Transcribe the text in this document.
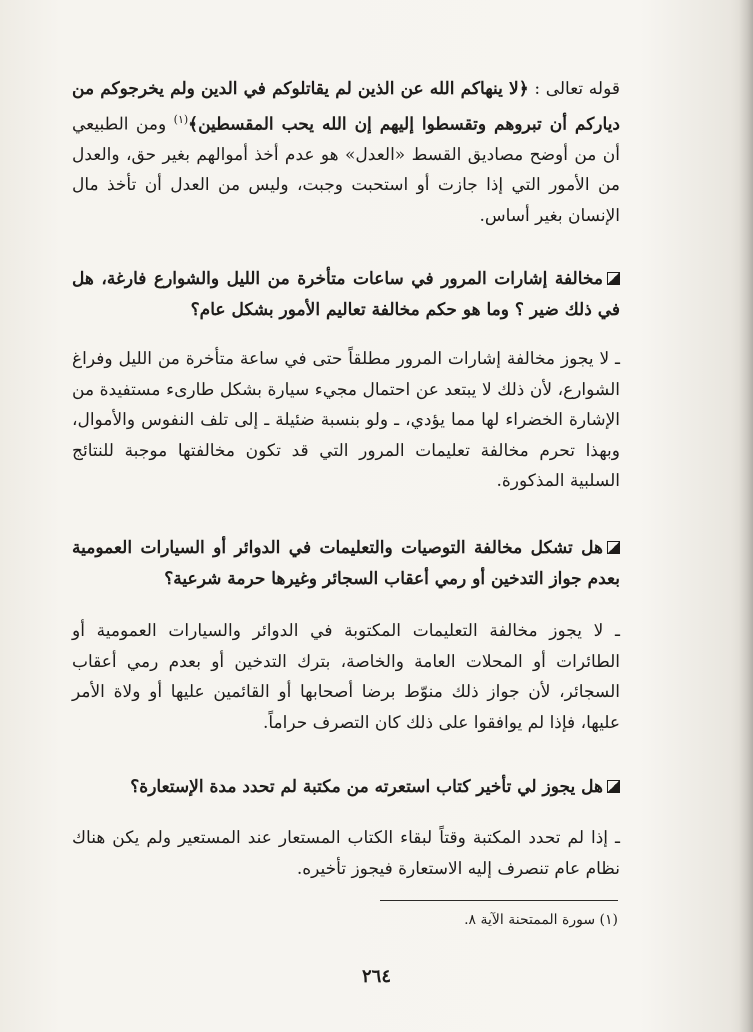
قوله تعالى : ﴿لا ينهاكم الله عن الذين لم يقاتلوكم في الدين ولم يخرجوكم من دياركم أن تبروهم وتقسطوا إليهم إن الله يحب المقسطين﴾$^{(١)}$ ومن الطبيعي أن من أوضح مصاديق القسط «العدل» هو عدم أخذ أموالهم بغير حق، والعدل من الأمور التي إذا جازت أو استحبت وجبت، وليس من العدل أن تأخذ مال الإنسان بغير أساس.
مخالفة إشارات المرور في ساعات متأخرة من الليل والشوارع فارغة، هل في ذلك ضير ؟ وما هو حكم مخالفة تعاليم الأمور بشكل عام؟
ـ لا يجوز مخالفة إشارات المرور مطلقاً حتى في ساعة متأخرة من الليل وفراغ الشوارع، لأن ذلك لا يبتعد عن احتمال مجيء سيارة بشكل طارىء مستفيدة من الإشارة الخضراء لها مما يؤدي، ـ ولو بنسبة ضئيلة ـ إلى تلف النفوس والأموال، وبهذا تحرم مخالفة تعليمات المرور التي قد تكون مخالفتها موجبة للنتائج السلبية المذكورة.
هل تشكل مخالفة التوصيات والتعليمات في الدوائر أو السيارات العمومية بعدم جواز التدخين أو رمي أعقاب السجائر وغيرها حرمة شرعية؟
ـ لا يجوز مخالفة التعليمات المكتوبة في الدوائر والسيارات العمومية أو الطائرات أو المحلات العامة والخاصة، بترك التدخين أو بعدم رمي أعقاب السجائر، لأن جواز ذلك منوّط برضا أصحابها أو القائمين عليها أو ولاة الأمر عليها، فإذا لم يوافقوا على ذلك كان التصرف حراماً.
هل يجوز لي تأخير كتاب استعرته من مكتبة لم تحدد مدة الإستعارة؟
ـ إذا لم تحدد المكتبة وقتاً لبقاء الكتاب المستعار عند المستعير ولم يكن هناك نظام عام تنصرف إليه الاستعارة فيجوز تأخيره.
(١) سورة الممتحنة الآية ٨.
٢٦٤
